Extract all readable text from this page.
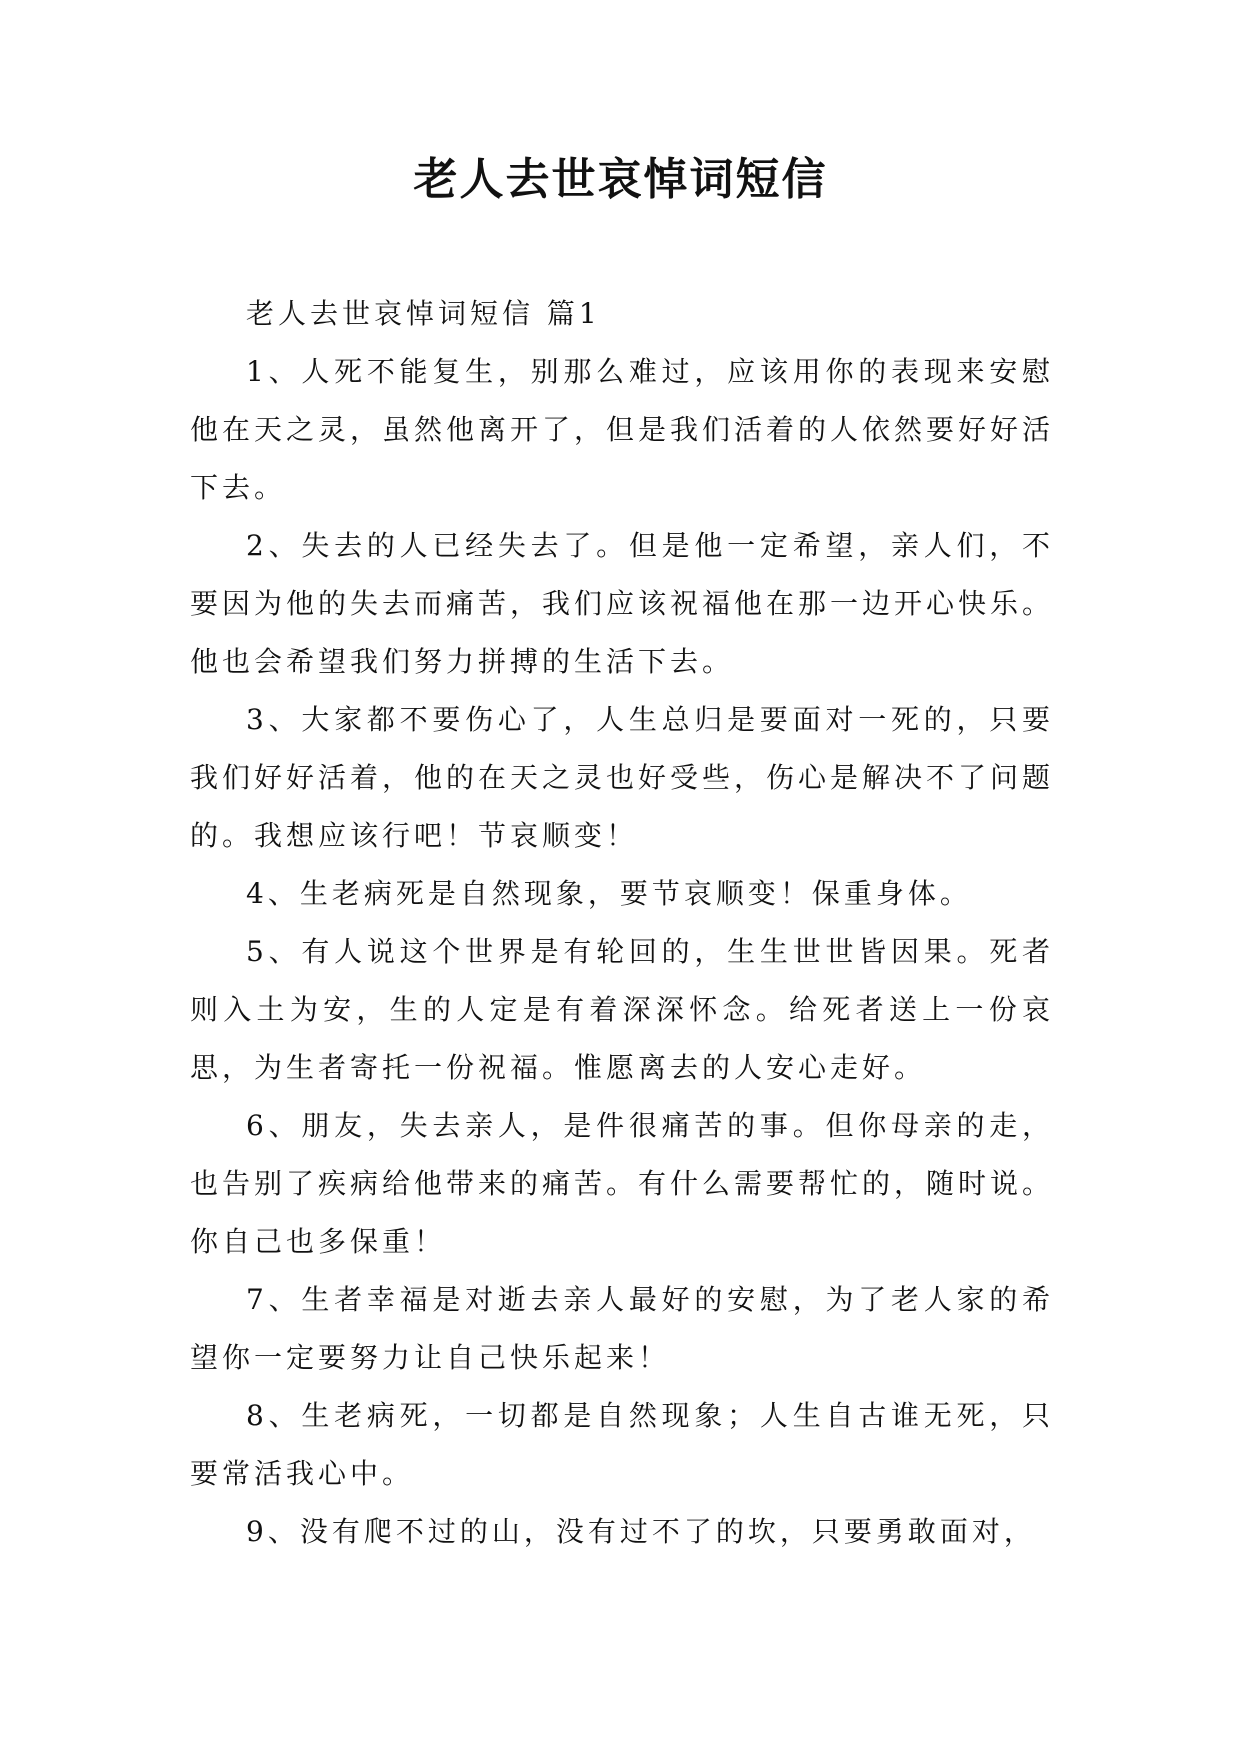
老人去世哀悼词短信

老人去世哀悼词短信 篇1

1、人死不能复生，别那么难过，应该用你的表现来安慰他在天之灵，虽然他离开了，但是我们活着的人依然要好好活下去。

2、失去的人已经失去了。但是他一定希望，亲人们，不要因为他的失去而痛苦，我们应该祝福他在那一边开心快乐。他也会希望我们努力拼搏的生活下去。

3、大家都不要伤心了，人生总归是要面对一死的，只要我们好好活着，他的在天之灵也好受些，伤心是解决不了问题的。我想应该行吧！节哀顺变！

4、生老病死是自然现象，要节哀顺变！保重身体。

5、有人说这个世界是有轮回的，生生世世皆因果。死者则入土为安，生的人定是有着深深怀念。给死者送上一份哀思，为生者寄托一份祝福。惟愿离去的人安心走好。

6、朋友，失去亲人，是件很痛苦的事。但你母亲的走，也告别了疾病给他带来的痛苦。有什么需要帮忙的，随时说。你自己也多保重！

7、生者幸福是对逝去亲人最好的安慰，为了老人家的希望你一定要努力让自己快乐起来！

8、生老病死，一切都是自然现象；人生自古谁无死，只要常活我心中。

9、没有爬不过的山，没有过不了的坎，只要勇敢面对，
